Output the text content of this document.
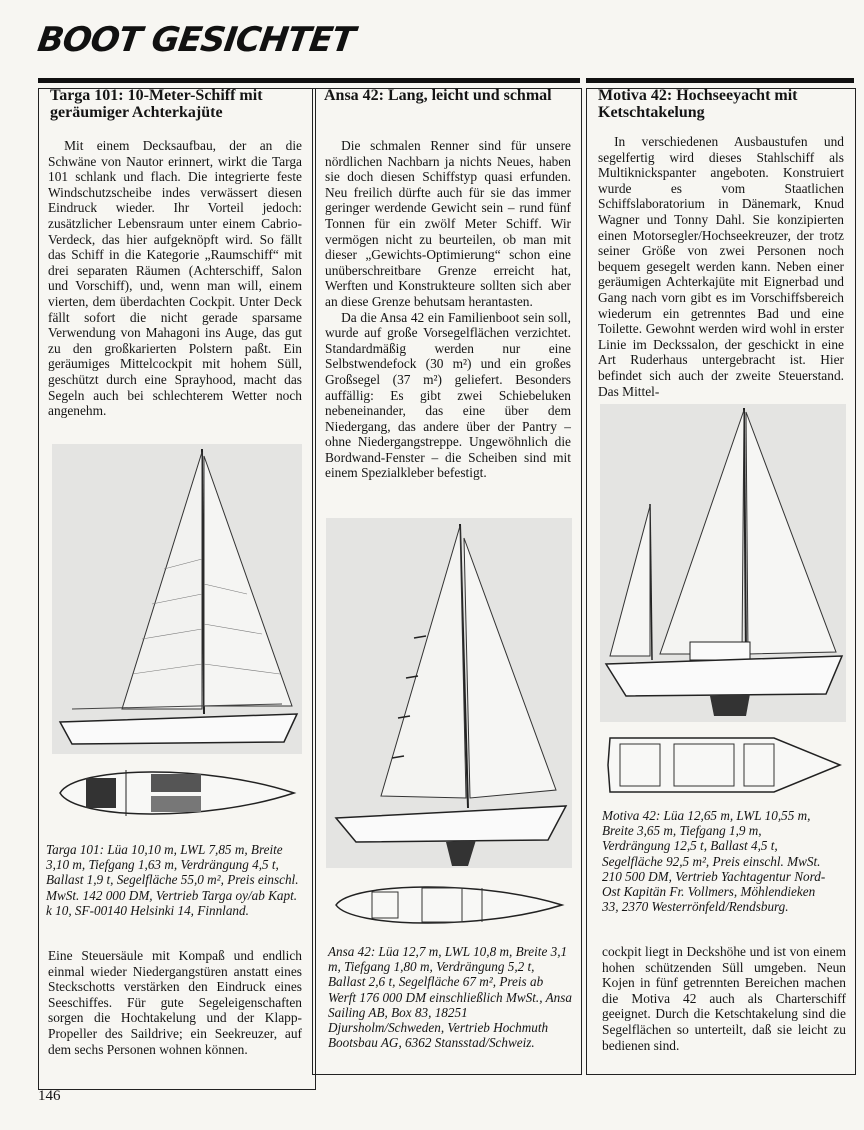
BOOT GESICHTET
Targa 101: 10-Meter-Schiff mit geräumiger Achterkajüte

Mit einem Decksaufbau, der an die Schwäne von Nautor erinnert, wirkt die Targa 101 schlank und flach. Die integrierte feste Windschutzscheibe indes verwässert diesen Eindruck wieder. Ihr Vorteil jedoch: zusätzlicher Lebensraum unter einem Cabrio-Verdeck, das hier aufgeknöpft wird. So fällt das Schiff in die Kategorie „Raumschiff“ mit drei separaten Räumen (Achterschiff, Salon und Vorschiff), und, wenn man will, einem vierten, dem überdachten Cockpit. Unter Deck fällt sofort die nicht gerade sparsame Verwendung von Mahagoni ins Auge, das gut zu den großkarierten Polstern paßt. Ein geräumiges Mittelcockpit mit hohem Süll, geschützt durch eine Sprayhood, macht das Segeln auch bei schlechterem Wetter noch angenehm.

Targa 101: Lüa 10,10 m, LWL 7,85 m, Breite 3,10 m, Tiefgang 1,63 m, Verdrängung 4,5 t, Ballast 1,9 t, Segelfläche 55,0 m², Preis einschl. MwSt. 142 000 DM, Vertrieb Targa oy/ab Kapt. k 10, SF-00140 Helsinki 14, Finnland.

Eine Steuersäule mit Kompaß und endlich einmal wieder Niedergangstüren anstatt eines Steckschotts verstärken den Eindruck eines Seeschiffes. Für gute Segeleigenschaften sorgen die Hochtakelung und der Klapp-Propeller des Saildrive; ein Seekreuzer, auf dem sechs Personen wohnen können.

Ansa 42: Lang, leicht und schmal

Die schmalen Renner sind für unsere nördlichen Nachbarn ja nichts Neues, haben sie doch diesen Schiffstyp quasi erfunden. Neu freilich dürfte auch für sie das immer geringer werdende Gewicht sein – rund fünf Tonnen für ein zwölf Meter Schiff. Wir vermögen nicht zu beurteilen, ob man mit dieser „Gewichts-Optimierung“ schon eine unüberschreitbare Grenze erreicht hat, Werften und Konstrukteure sollten sich aber an diese Grenze behutsam herantasten.

Da die Ansa 42 ein Familienboot sein soll, wurde auf große Vorsegelflächen verzichtet. Standardmäßig werden nur eine Selbstwendefock (30 m²) und ein großes Großsegel (37 m²) geliefert. Besonders auffällig: Es gibt zwei Schiebeluken nebeneinander, das eine über dem Niedergang, das andere über der Pantry – ohne Niedergangstreppe. Ungewöhnlich die Bordwand-Fenster – die Scheiben sind mit einem Spezialkleber befestigt.

Ansa 42: Lüa 12,7 m, LWL 10,8 m, Breite 3,1 m, Tiefgang 1,80 m, Verdrängung 5,2 t, Ballast 2,6 t, Segelfläche 67 m², Preis ab Werft 176 000 DM einschließlich MwSt., Ansa Sailing AB, Box 83, 18251 Djursholm/Schweden, Vertrieb Hochmuth Bootsbau AG, 6362 Stansstad/Schweiz.
Motiva 42: Hochseeyacht mit Ketschtakelung

In verschiedenen Ausbaustufen und segelfertig wird dieses Stahlschiff als Multiknickspanter angeboten. Konstruiert wurde es vom Staatlichen Schiffslaboratorium in Dänemark, Knud Wagner und Tonny Dahl. Sie konzipierten einen Motorsegler/Hochseekreuzer, der trotz seiner Größe von zwei Personen noch bequem gesegelt werden kann. Neben einer geräumigen Achterkajüte mit Eignerbad und Gang nach vorn gibt es im Vorschiffsbereich wiederum ein getrenntes Bad und eine Toilette. Gewohnt werden wird wohl in erster Linie im Deckssalon, der geschickt in eine Art Ruderhaus untergebracht ist. Hier befindet sich auch der zweite Steuerstand. Das Mittel-

Motiva 42: Lüa 12,65 m, LWL 10,55 m, Breite 3,65 m, Tiefgang 1,9 m, Verdrängung 12,5 t, Ballast 4,5 t, Segelfläche 92,5 m², Preis einschl. MwSt. 210 500 DM, Vertrieb Yachtagentur Nord-Ost Kapitän Fr. Vollmers, Möhlendieken 33, 2370 Westerrönfeld/Rendsburg.

cockpit liegt in Deckshöhe und ist von einem hohen schützenden Süll umgeben. Neun Kojen in fünf getrennten Bereichen machen die Motiva 42 auch als Charterschiff geeignet. Durch die Ketschtakelung sind die Segelflächen so unterteilt, daß sie leicht zu bedienen sind.

146
